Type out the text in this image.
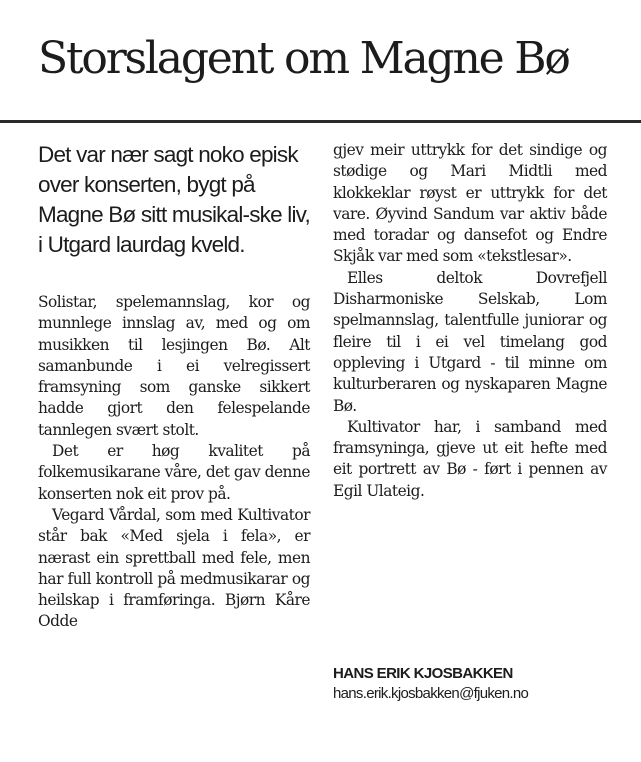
Storslagent om Magne Bø

Det var nær sagt noko episk over konserten, bygt på Magne Bø sitt musikal-ske liv, i Utgard laurdag kveld.

Solistar, spelemannslag, kor og munnlege innslag av, med og om musikken til lesjingen Bø. Alt samanbunde i ei velregissert framsyning som ganske sikkert hadde gjort den felespelande tannlegen svært stolt.

Det er høg kvalitet på folkemusikarane våre, det gav denne konserten nok eit prov på.

Vegard Vårdal, som med Kultivator står bak «Med sjela i fela», er nærast ein sprettball med fele, men har full kontroll på medmusikarar og heilskap i framføringa. Bjørn Kåre Odde

gjev meir uttrykk for det sindige og stødige og Mari Midtli med klokkeklar røyst er uttrykk for det vare. Øyvind Sandum var aktiv både med toradar og dansefot og Endre Skjåk var med som «tekstlesar».

Elles deltok Dovrefjell Disharmoniske Selskab, Lom spelmannslag, talentfulle juniorar og fleire til i ei vel timelang god oppleving i Utgard - til minne om kulturberaren og nyskaparen Magne Bø.

Kultivator har, i samband med framsyninga, gjeve ut eit hefte med eit portrett av Bø - ført i pennen av Egil Ulateig.

HANS ERIK KJOSBAKKEN
hans.erik.kjosbakken@fjuken.no
